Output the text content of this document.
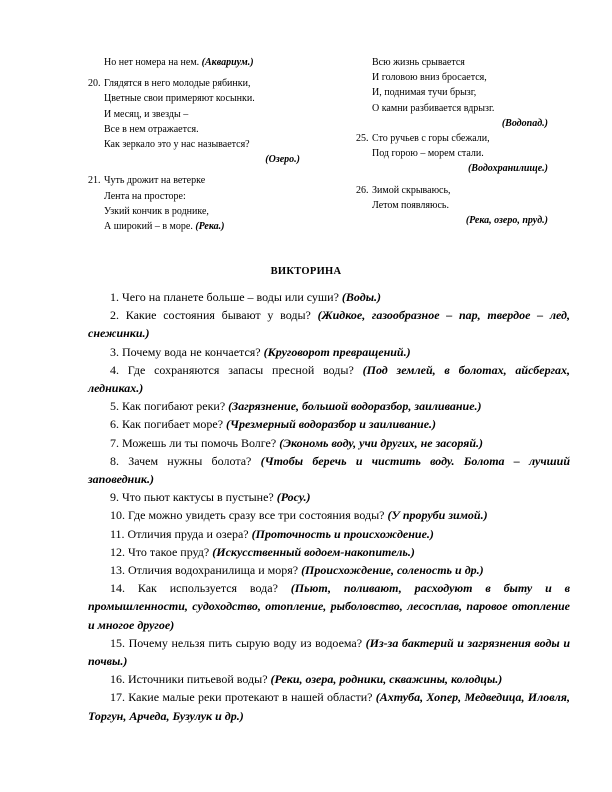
Но нет номера на нем. (Аквариум.)
20. Глядятся в него молодые рябинки,
Цветные свои примеряют косынки.
И месяц, и звезды –
Все в нем отражается.
Как зеркало это у нас называется?
(Озеро.)
21. Чуть дрожит на ветерке
Лента на просторе:
Узкий кончик в роднике,
А широкий – в море. (Река.)
Всю жизнь срывается
И головою вниз бросается,
И, поднимая тучи брызг,
О камни разбивается вдрызг.
(Водопад.)
25. Сто ручьев с горы сбежали,
Под горою – морем стали.
(Водохранилище.)
26. Зимой скрываюсь,
Летом появляюсь.
(Река, озеро, пруд.)
ВИКТОРИНА
1. Чего на планете больше – воды или суши? (Воды.)
2. Какие состояния бывают у воды? (Жидкое, газообразное – пар, твердое – лед, снежинки.)
3. Почему вода не кончается? (Круговорот превращений.)
4. Где сохраняются запасы пресной воды? (Под землей, в болотах, айсбергах, ледниках.)
5. Как погибают реки? (Загрязнение, большой водоразбор, заиливание.)
6. Как погибает море? (Чрезмерный водоразбор и заиливание.)
7. Можешь ли ты помочь Волге? (Экономь воду, учи других, не засоряй.)
8. Зачем нужны болота? (Чтобы беречь и чистить воду. Болота – лучший заповедник.)
9. Что пьют кактусы в пустыне? (Росу.)
10. Где можно увидеть сразу все три состояния воды? (У проруби зимой.)
11. Отличия пруда и озера? (Проточность и происхождение.)
12. Что такое пруд? (Искусственный водоем-накопитель.)
13. Отличия водохранилища и моря? (Происхождение, соленость и др.)
14. Как используется вода? (Пьют, поливают, расходуют в быту и в промышленности, судоходство, отопление, рыболовство, лесосплав, паровое отопление и многое другое)
15. Почему нельзя пить сырую воду из водоема? (Из-за бактерий и загрязнения воды и почвы.)
16. Источники питьевой воды? (Реки, озера, родники, скважины, колодцы.)
17. Какие малые реки протекают в нашей области? (Ахтуба, Хопер, Медведица, Иловля, Торгун, Арчеда, Бузулук и др.)
